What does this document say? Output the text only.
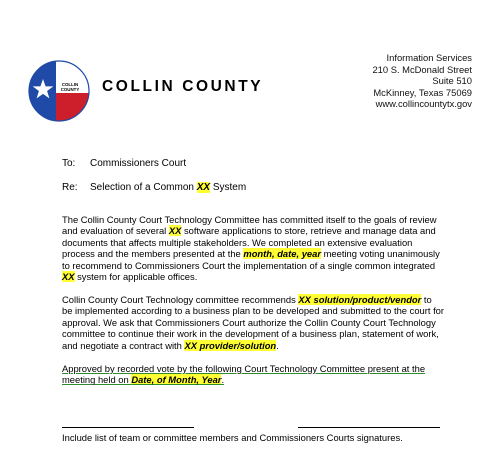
COLLIN
COUNTY COLLIN COUNTY
Information Services
210 S. McDonald Street
Suite 510
McKinney, Texas 75069
www.collincountytx.gov
To: Commissioners Court
Re: Selection of a Common XX System
The Collin County Court Technology Committee has committed itself to the goals of review and evaluation of several XX software applications to store, retrieve and manage data and documents that affects multiple stakeholders. We completed an extensive evaluation process and the members presented at the month, date, year meeting voting unanimously to recommend to Commissioners Court the implementation of a single common integrated XX system for applicable offices.
Collin County Court Technology committee recommends XX solution/product/vendor to be implemented according to a business plan to be developed and submitted to the court for approval. We ask that Commissioners Court authorize the Collin County Court Technology committee to continue their work in the development of a business plan, statement of work, and negotiate a contract with XX provider/solution.
Approved by recorded vote by the following Court Technology Committee present at the meeting held on Date, of Month, Year.
Include list of team or committee members and Commissioners Courts signatures.
